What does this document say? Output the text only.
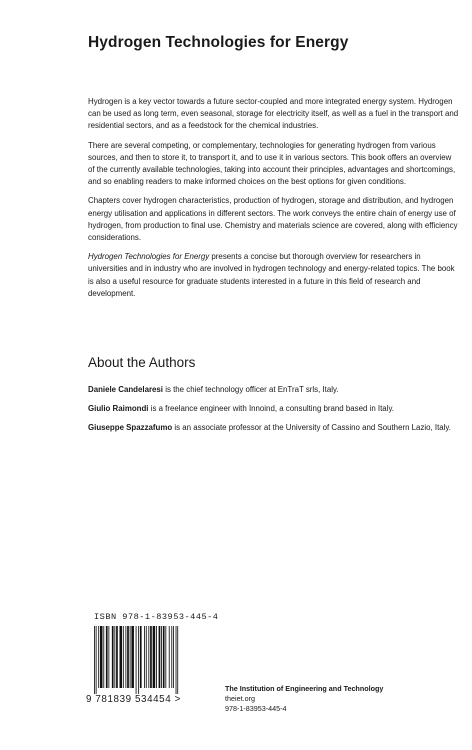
Hydrogen Technologies for Energy

Hydrogen is a key vector towards a future sector-coupled and more integrated energy system. Hydrogen can be used as long term, even seasonal, storage for electricity itself, as well as a fuel in the transport and residential sectors, and as a feedstock for the chemical industries.

There are several competing, or complementary, technologies for generating hydrogen from various sources, and then to store it, to transport it, and to use it in various sectors. This book offers an overview of the currently available technologies, taking into account their principles, advantages and shortcomings, and so enabling readers to make informed choices on the best options for given conditions.

Chapters cover hydrogen characteristics, production of hydrogen, storage and distribution, and hydrogen energy utilisation and applications in different sectors. The work conveys the entire chain of energy use of hydrogen, from production to final use. Chemistry and materials science are covered, along with efficiency considerations.

Hydrogen Technologies for Energy presents a concise but thorough overview for researchers in universities and in industry who are involved in hydrogen technology and energy-related topics. The book is also a useful resource for graduate students interested in a future in this field of research and development.

About the Authors

Daniele Candelaresi is the chief technology officer at EnTraT srls, Italy.

Giulio Raimondi is a freelance engineer with Innoind, a consulting brand based in Italy.

Giuseppe Spazzafumo is an associate professor at the University of Cassino and Southern Lazio, Italy.

ISBN 978-1-83953-445-4
9 781839 534454 >
The Institution of Engineering and Technology
theiet.org
978-1-83953-445-4
